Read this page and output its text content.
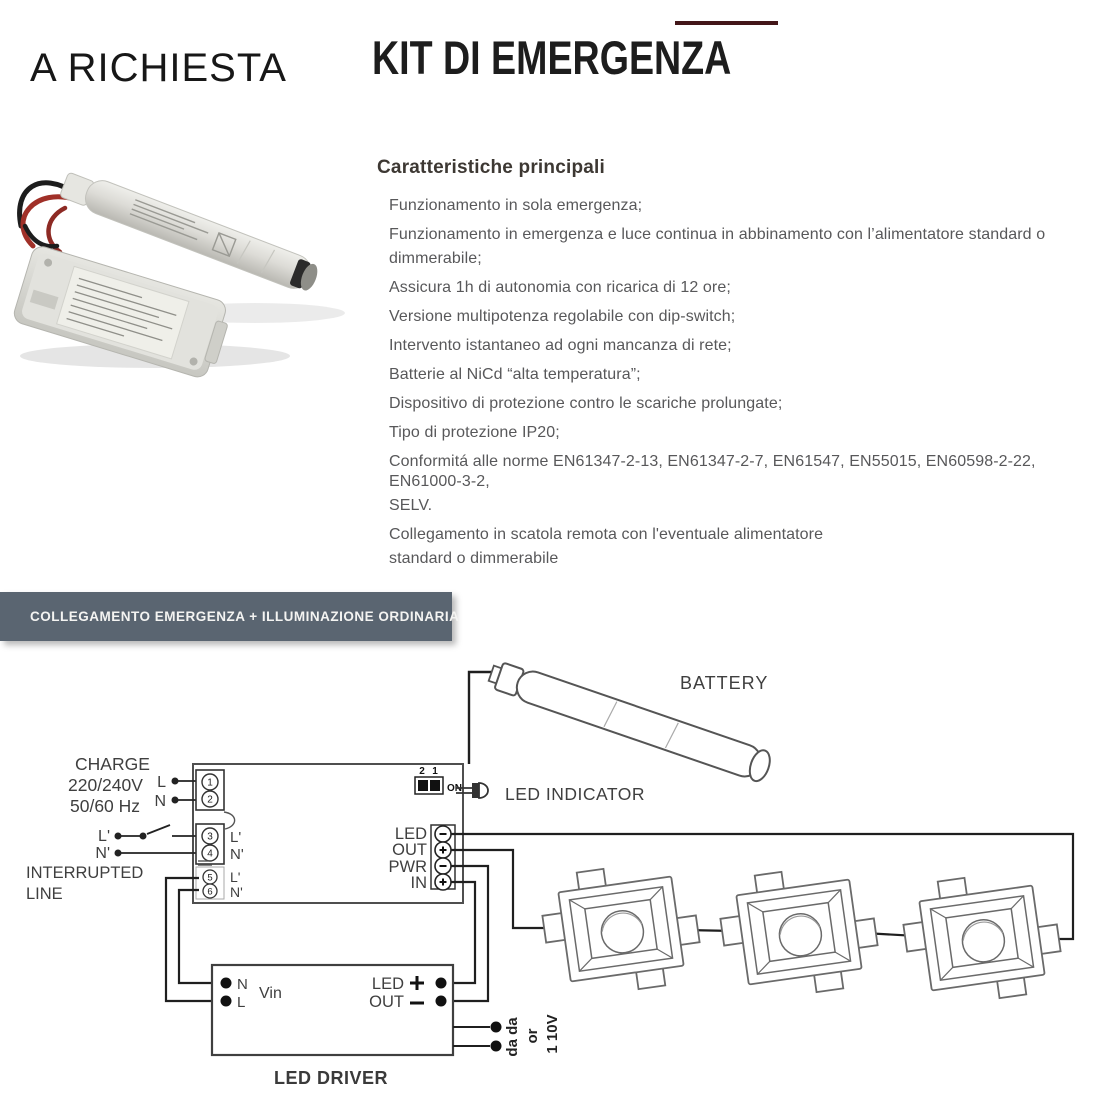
A RICHIESTA KIT DI EMERGENZA
Caratteristiche principali
Funzionamento in sola emergenza;
Funzionamento in emergenza e luce continua in abbinamento con l’alimentatore standard o
dimmerabile;
Assicura 1h di autonomia con ricarica di 12 ore;
Versione multipotenza regolabile con dip-switch;
Intervento istantaneo ad ogni mancanza di rete;
Batterie al NiCd “alta temperatura”;
Dispositivo di protezione contro le scariche prolungate;
Tipo di protezione IP20;
Conformitá alle norme EN61347-2-13, EN61347-2-7, EN61547, EN55015, EN60598-2-22, EN61000-3-2,
SELV.
Collegamento in scatola remota con l'eventuale alimentatore
standard o dimmerabile
COLLEGAMENTO EMERGENZA + ILLUMINAZIONE ORDINARIA
BATTERY
2 1
ON LED INDICATOR
CHARGE
220/240V
50/60 Hz
L
N
L'
N'
INTERRUPTED
LINE
1
2
3
4
L'
N'
5
6
L'
N'
LED
OUT
PWR
IN
N
L
Vin
LED
OUT
da da or 1 10V
LED DRIVER
